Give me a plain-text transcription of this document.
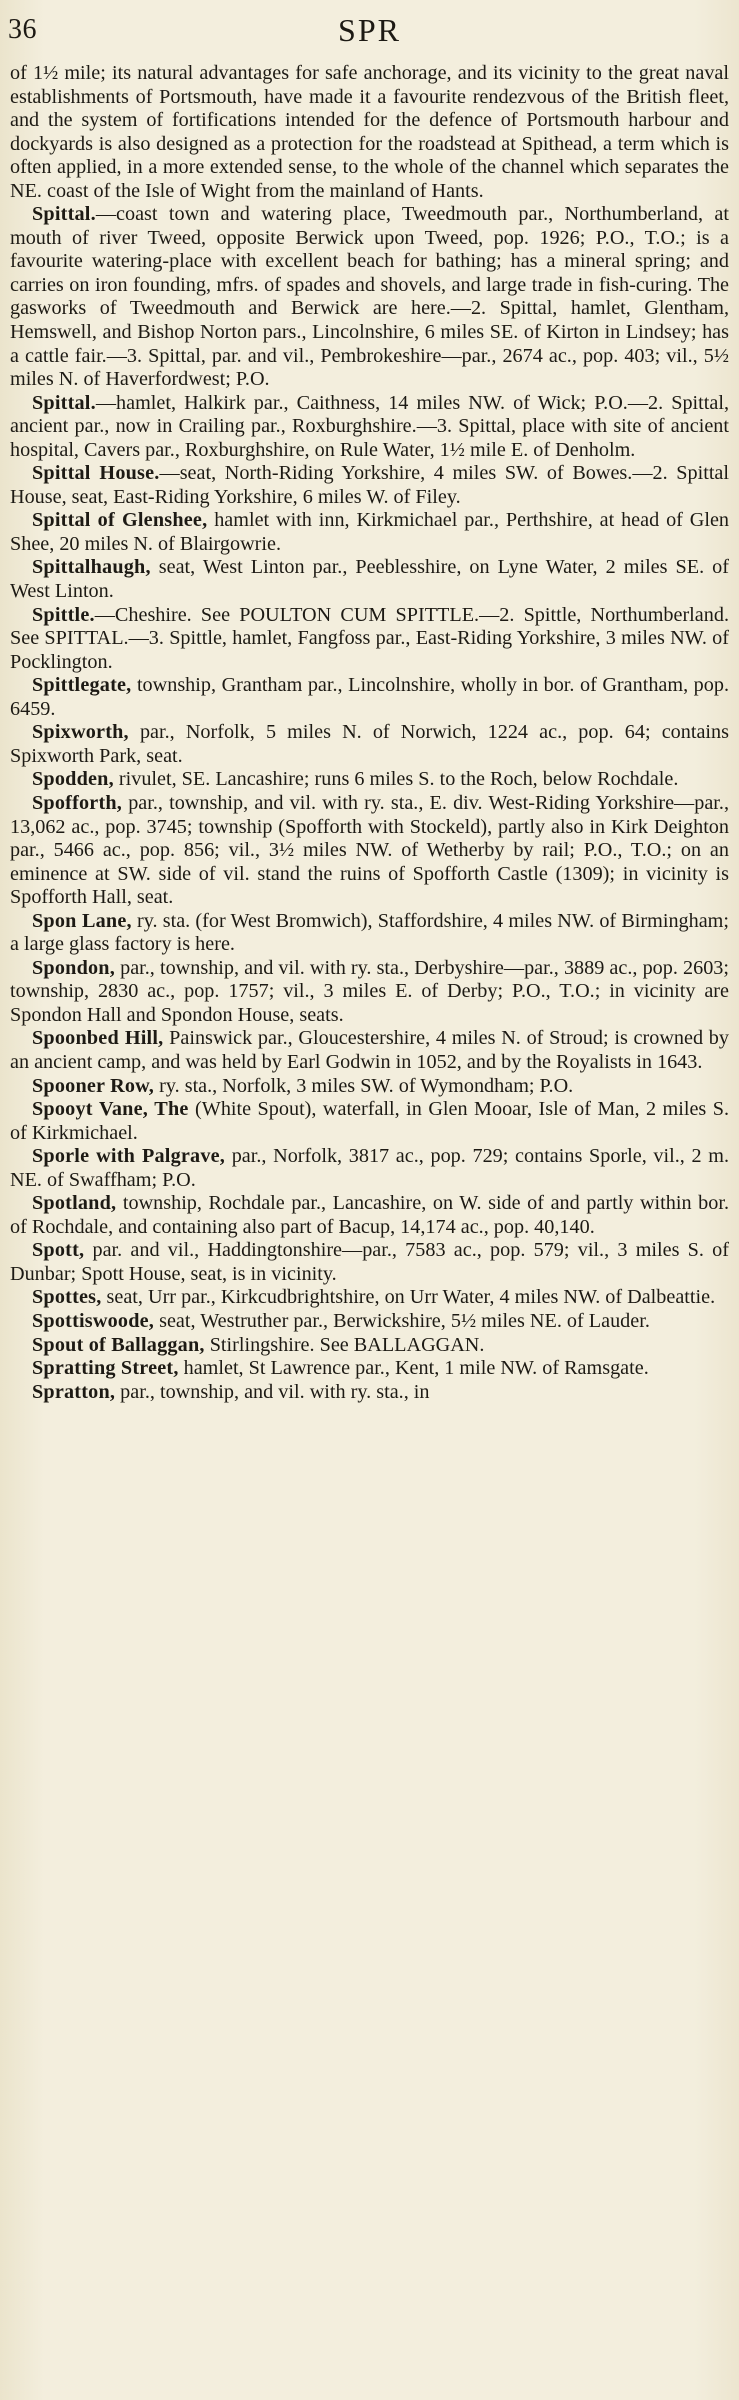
36	SPR

of 1½ mile; its natural advantages for safe anchorage, and its vicinity to the great naval establishments of Portsmouth, have made it a favourite rendezvous of the British fleet, and the system of fortifications intended for the defence of Portsmouth harbour and dockyards is also designed as a protection for the roadstead at Spithead, a term which is often applied, in a more extended sense, to the whole of the channel which separates the NE. coast of the Isle of Wight from the mainland of Hants.

Spittal.—coast town and watering place, Tweedmouth par., Northumberland, at mouth of river Tweed, opposite Berwick upon Tweed, pop. 1926; P.O., T.O.; is a favourite watering-place with excellent beach for bathing; has a mineral spring; and carries on iron founding, mfrs. of spades and shovels, and large trade in fish-curing. The gasworks of Tweedmouth and Berwick are here.—2. Spittal, hamlet, Glentham, Hemswell, and Bishop Norton pars., Lincolnshire, 6 miles SE. of Kirton in Lindsey; has a cattle fair.—3. Spittal, par. and vil., Pembrokeshire—par., 2674 ac., pop. 403; vil., 5½ miles N. of Haverfordwest; P.O.

Spittal.—hamlet, Halkirk par., Caithness, 14 miles NW. of Wick; P.O.—2. Spittal, ancient par., now in Crailing par., Roxburghshire.—3. Spittal, place with site of ancient hospital, Cavers par., Roxburghshire, on Rule Water, 1½ mile E. of Denholm.

Spittal House.—seat, North-Riding Yorkshire, 4 miles SW. of Bowes.—2. Spittal House, seat, East-Riding Yorkshire, 6 miles W. of Filey.

Spittal of Glenshee, hamlet with inn, Kirkmichael par., Perthshire, at head of Glen Shee, 20 miles N. of Blairgowrie.

Spittalhaugh, seat, West Linton par., Peeblesshire, on Lyne Water, 2 miles SE. of West Linton.

Spittle.—Cheshire. See POULTON CUM SPITTLE.—2. Spittle, Northumberland. See SPITTAL.—3. Spittle, hamlet, Fangfoss par., East-Riding Yorkshire, 3 miles NW. of Pocklington.

Spittlegate, township, Grantham par., Lincolnshire, wholly in bor. of Grantham, pop. 6459.

Spixworth, par., Norfolk, 5 miles N. of Norwich, 1224 ac., pop. 64; contains Spixworth Park, seat.

Spodden, rivulet, SE. Lancashire; runs 6 miles S. to the Roch, below Rochdale.

Spofforth, par., township, and vil. with ry. sta., E. div. West-Riding Yorkshire—par., 13,062 ac., pop. 3745; township (Spofforth with Stockeld), partly also in Kirk Deighton par., 5466 ac., pop. 856; vil., 3½ miles NW. of Wetherby by rail; P.O., T.O.; on an eminence at SW. side of vil. stand the ruins of Spofforth Castle (1309); in vicinity is Spofforth Hall, seat.

Spon Lane, ry. sta. (for West Bromwich), Staffordshire, 4 miles NW. of Birmingham; a large glass factory is here.

Spondon, par., township, and vil. with ry. sta., Derbyshire—par., 3889 ac., pop. 2603; township, 2830 ac., pop. 1757; vil., 3 miles E. of Derby; P.O., T.O.; in vicinity are Spondon Hall and Spondon House, seats.

Spoonbed Hill, Painswick par., Gloucestershire, 4 miles N. of Stroud; is crowned by an ancient camp, and was held by Earl Godwin in 1052, and by the Royalists in 1643.

Spooner Row, ry. sta., Norfolk, 3 miles SW. of Wymondham; P.O.

Spooyt Vane, The (White Spout), waterfall, in Glen Mooar, Isle of Man, 2 miles S. of Kirkmichael.

Sporle with Palgrave, par., Norfolk, 3817 ac., pop. 729; contains Sporle, vil., 2 m. NE. of Swaffham; P.O.

Spotland, township, Rochdale par., Lancashire, on W. side of and partly within bor. of Rochdale, and containing also part of Bacup, 14,174 ac., pop. 40,140.

Spott, par. and vil., Haddingtonshire—par., 7583 ac., pop. 579; vil., 3 miles S. of Dunbar; Spott House, seat, is in vicinity.

Spottes, seat, Urr par., Kirkcudbrightshire, on Urr Water, 4 miles NW. of Dalbeattie.

Spottiswoode, seat, Westruther par., Berwickshire, 5½ miles NE. of Lauder.

Spout of Ballaggan, Stirlingshire. See BALLAGGAN.

Spratting Street, hamlet, St Lawrence par., Kent, 1 mile NW. of Ramsgate.

Spratton, par., township, and vil. with ry. sta., in
